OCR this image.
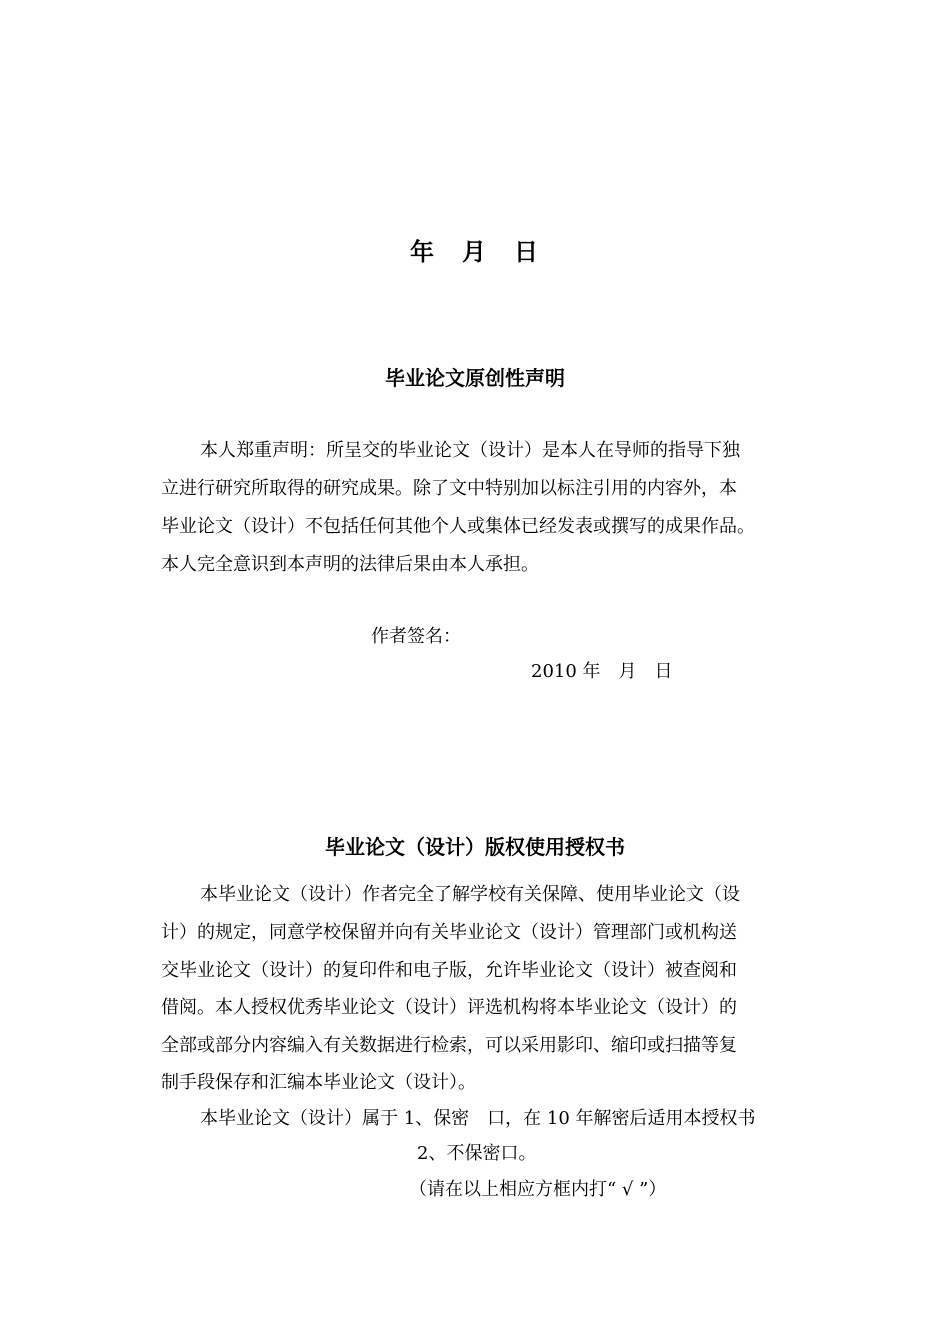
年　月　日
毕业论文原创性声明
本人郑重声明：所呈交的毕业论文（设计）是本人在导师的指导下独
立进行研究所取得的研究成果。除了文中特别加以标注引用的内容外，本
毕业论文（设计）不包括任何其他个人或集体已经发表或撰写的成果作品。
本人完全意识到本声明的法律后果由本人承担。
作者签名：
2010 年　月　日
毕业论文（设计）版权使用授权书
本毕业论文（设计）作者完全了解学校有关保障、使用毕业论文（设
计）的规定，同意学校保留并向有关毕业论文（设计）管理部门或机构送
交毕业论文（设计）的复印件和电子版，允许毕业论文（设计）被查阅和
借阅。本人授权优秀毕业论文（设计）评选机构将本毕业论文（设计）的
全部或部分内容编入有关数据进行检索，可以采用影印、缩印或扫描等复
制手段保存和汇编本毕业论文（设计）。
本毕业论文（设计）属于 1、保密　口，在 10 年解密后适用本授权书
2、不保密口。
（请在以上相应方框内打“ √ ”）
